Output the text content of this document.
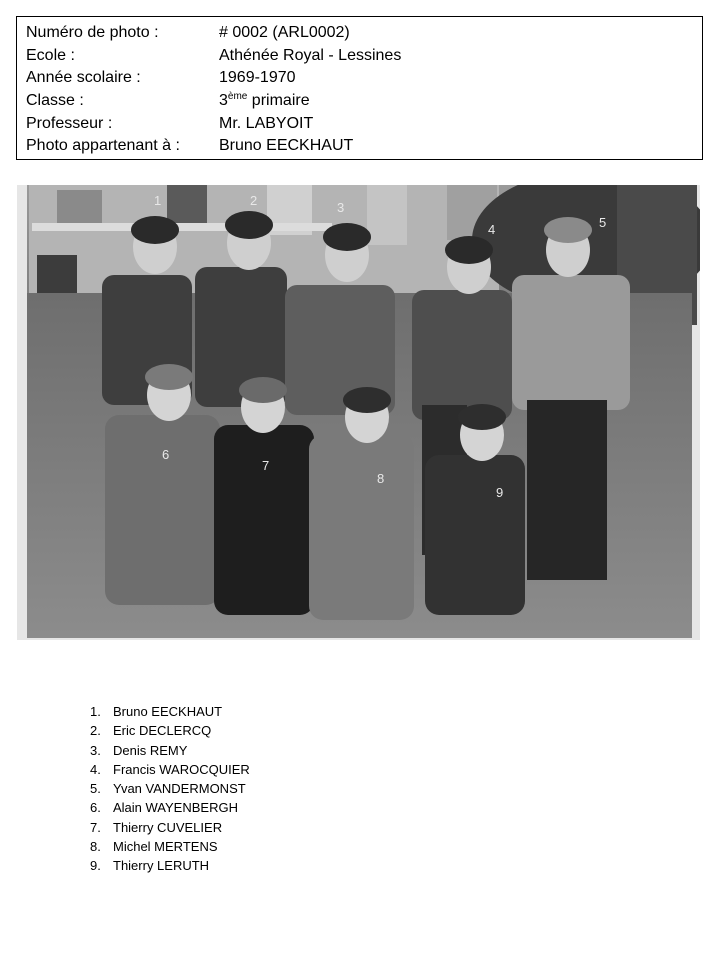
Numéro de photo :	# 0002 (ARL0002)
Ecole :	Athénée Royal - Lessines
Année scolaire :	1969-1970
Classe :	3ème primaire
Professeur :	Mr. LABYOIT
Photo appartenant à : Bruno EECKHAUT
1	2	3
4	5
6
7
8
9
1. Bruno EECKHAUT
2. Eric DECLERCQ
3. Denis REMY
4. Francis WAROCQUIER
5. Yvan VANDERMONST
6. Alain WAYENBERGH
7. Thierry CUVELIER
8. Michel MERTENS
9. Thierry LERUTH
